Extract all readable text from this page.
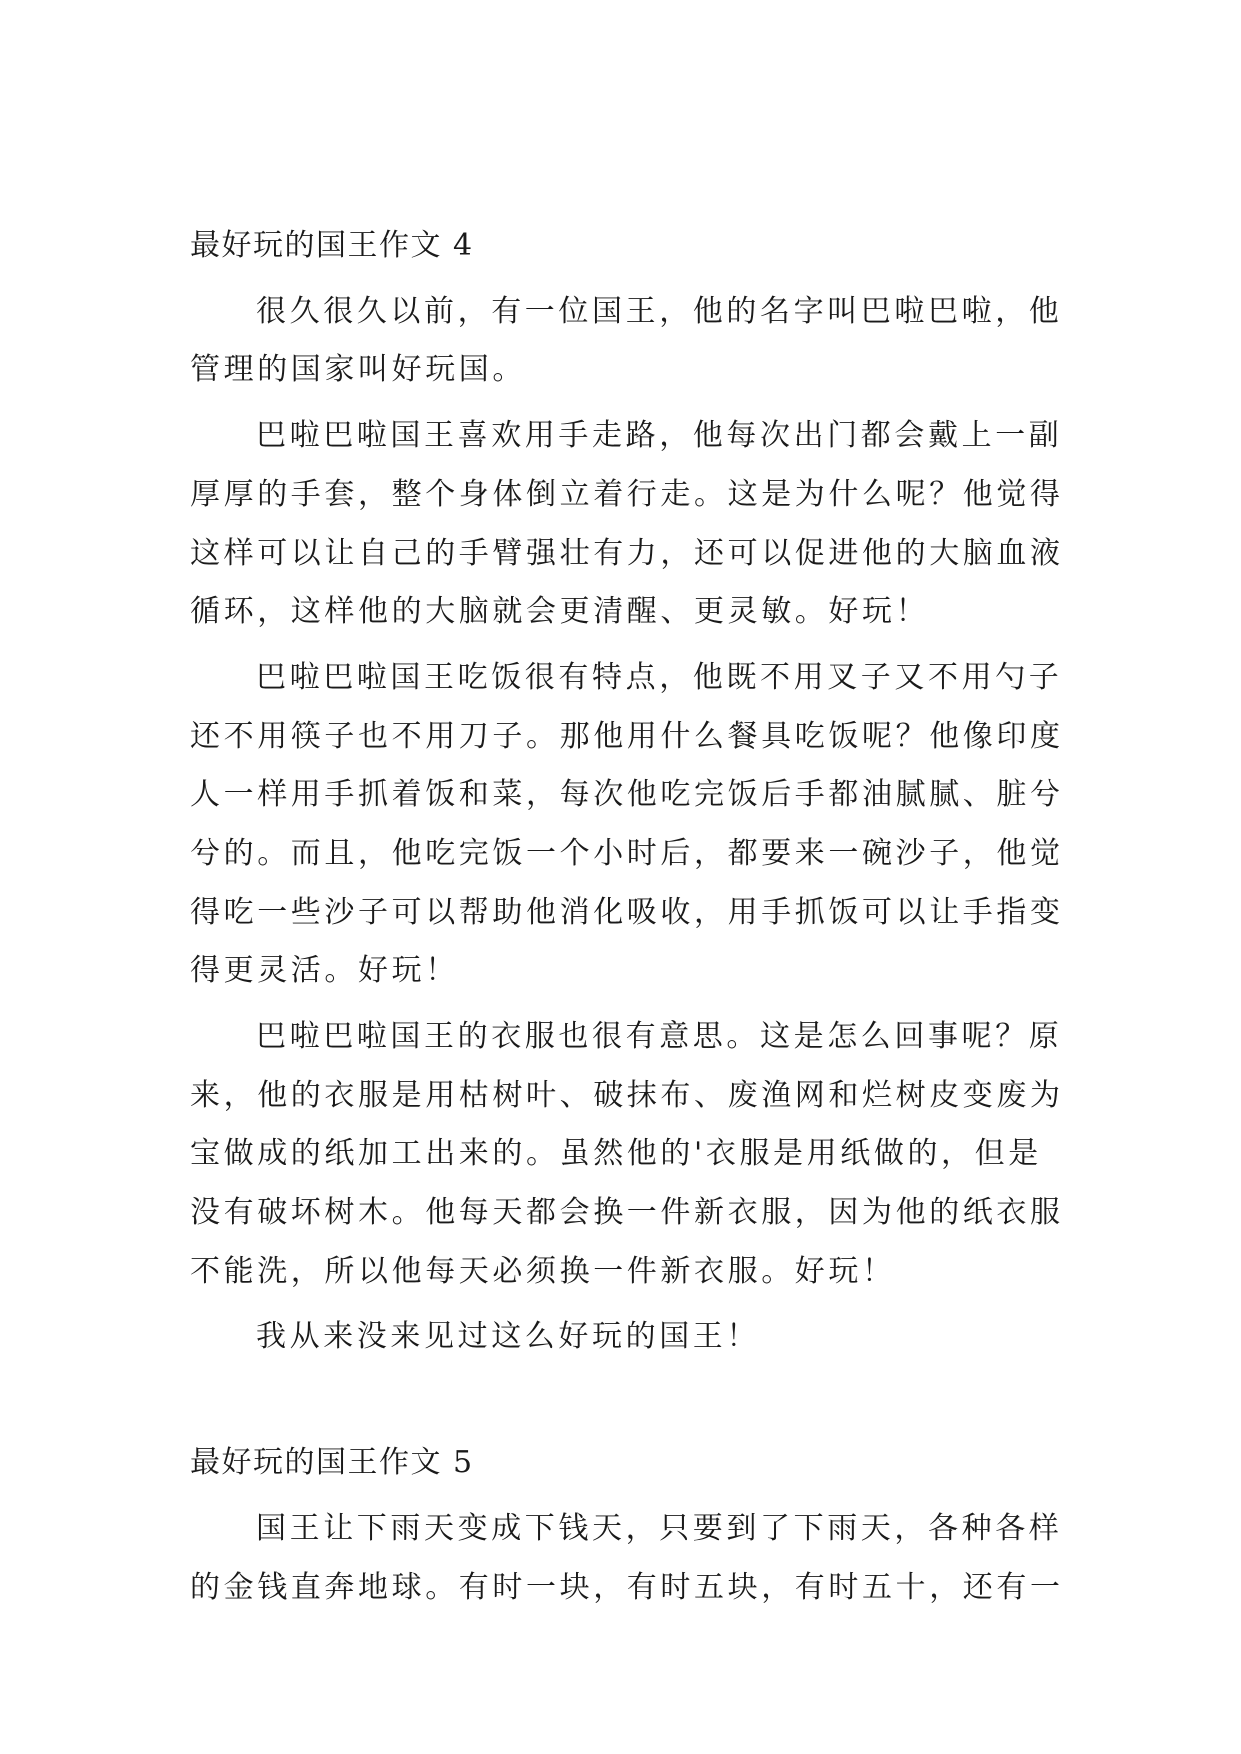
最好玩的国王作文 4
很久很久以前，有一位国王，他的名字叫巴啦巴啦，他
管理的国家叫好玩国。
巴啦巴啦国王喜欢用手走路，他每次出门都会戴上一副
厚厚的手套，整个身体倒立着行走。这是为什么呢？他觉得
这样可以让自己的手臂强壮有力，还可以促进他的大脑血液
循环，这样他的大脑就会更清醒、更灵敏。好玩！
巴啦巴啦国王吃饭很有特点，他既不用叉子又不用勺子
还不用筷子也不用刀子。那他用什么餐具吃饭呢？他像印度
人一样用手抓着饭和菜，每次他吃完饭后手都油腻腻、脏兮
兮的。而且，他吃完饭一个小时后，都要来一碗沙子，他觉
得吃一些沙子可以帮助他消化吸收，用手抓饭可以让手指变
得更灵活。好玩！
巴啦巴啦国王的衣服也很有意思。这是怎么回事呢？原
来，他的衣服是用枯树叶、破抹布、废渔网和烂树皮变废为
宝做成的纸加工出来的。虽然他的'衣服是用纸做的，但是
没有破坏树木。他每天都会换一件新衣服，因为他的纸衣服
不能洗，所以他每天必须换一件新衣服。好玩！
我从来没来见过这么好玩的国王！
最好玩的国王作文 5
国王让下雨天变成下钱天，只要到了下雨天，各种各样
的金钱直奔地球。有时一块，有时五块，有时五十，还有一
